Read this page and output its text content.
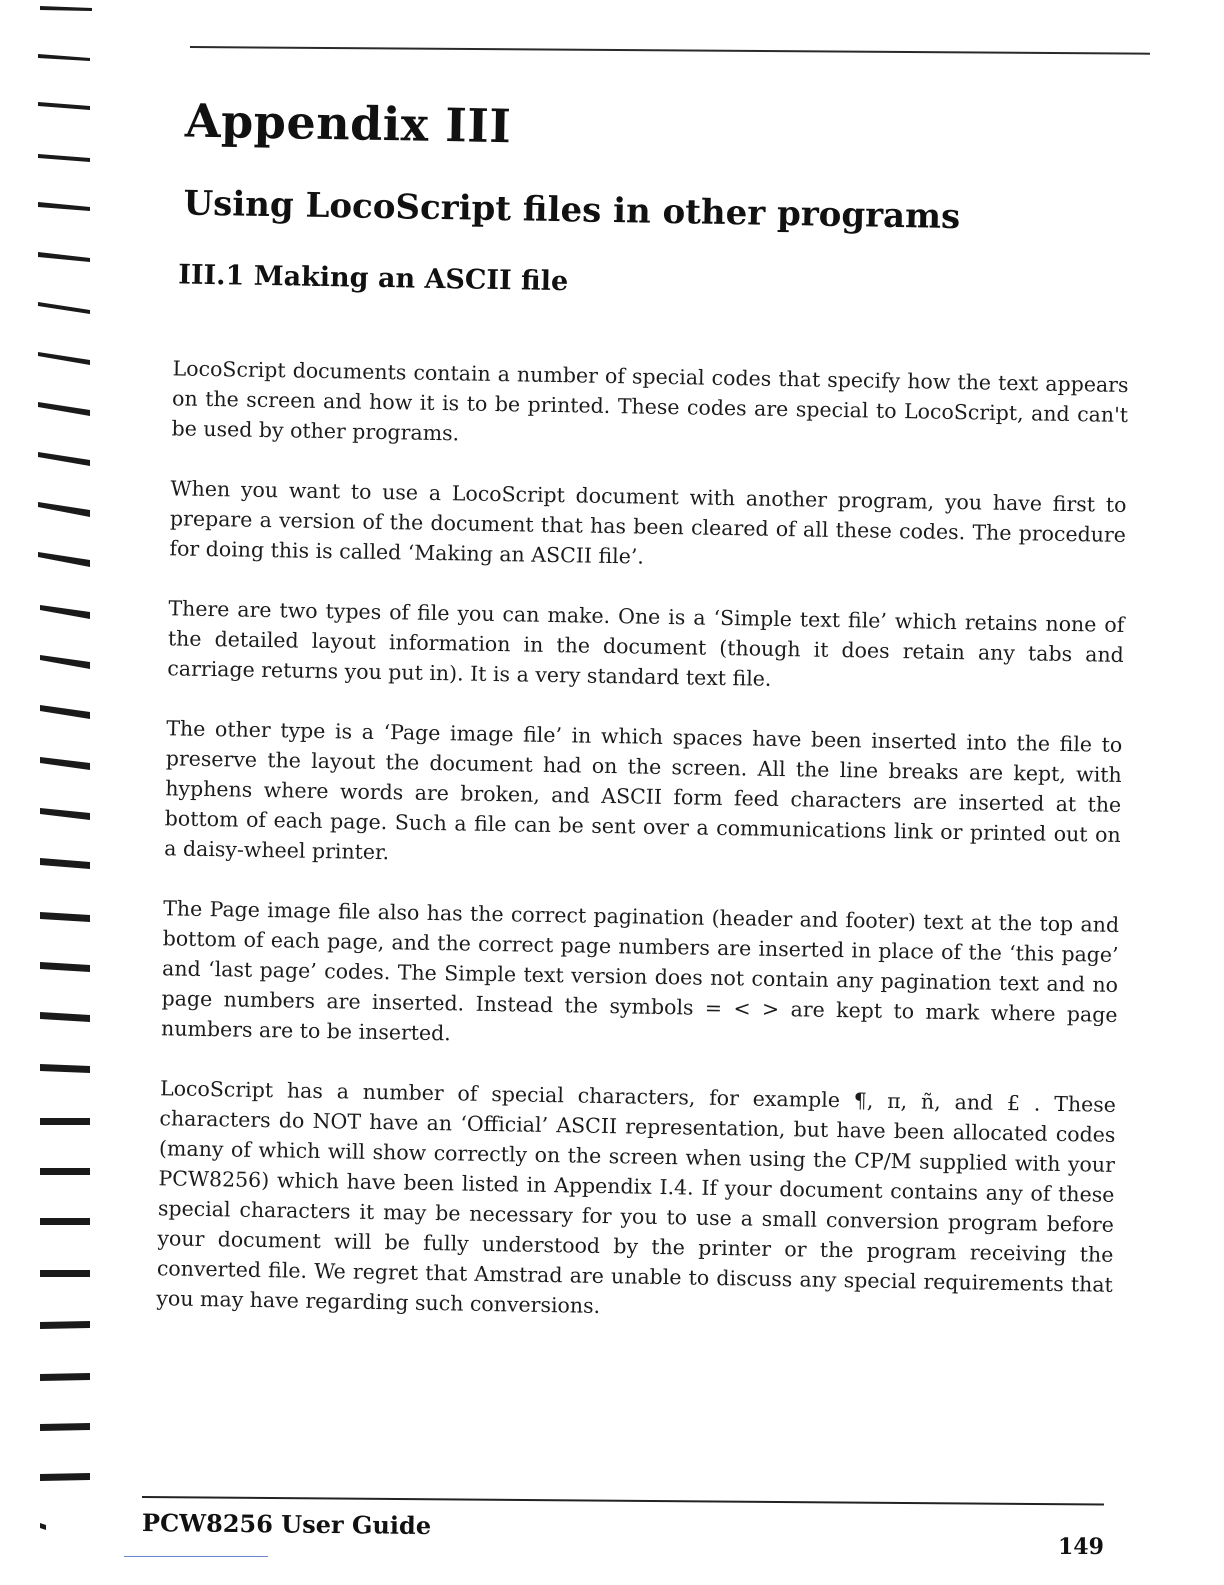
Appendix III
Using LocoScript files in other programs
III.1 Making an ASCII file

LocoScript documents contain a number of special codes that specify how the text appears on the screen and how it is to be printed. These codes are special to LocoScript, and can't be used by other programs.

When you want to use a LocoScript document with another program, you have first to prepare a version of the document that has been cleared of all these codes. The procedure for doing this is called ‘Making an ASCII file’.

There are two types of file you can make. One is a ‘Simple text file’ which retains none of the detailed layout information in the document (though it does retain any tabs and carriage returns you put in). It is a very standard text file.

The other type is a ‘Page image file’ in which spaces have been inserted into the file to preserve the layout the document had on the screen. All the line breaks are kept, with hyphens where words are broken, and ASCII form feed characters are inserted at the bottom of each page. Such a file can be sent over a communications link or printed out on a daisy-wheel printer.

The Page image file also has the correct pagination (header and footer) text at the top and bottom of each page, and the correct page numbers are inserted in place of the ‘this page’ and ‘last page’ codes. The Simple text version does not contain any pagination text and no page numbers are inserted. Instead the symbols = < > are kept to mark where page numbers are to be inserted.

LocoScript has a number of special characters, for example ¶, π, ñ, and £ . These characters do NOT have an ‘Official’ ASCII representation, but have been allocated codes (many of which will show correctly on the screen when using the CP/M supplied with your PCW8256) which have been listed in Appendix I.4. If your document contains any of these special characters it may be necessary for you to use a small conversion program before your document will be fully understood by the printer or the program receiving the converted file. We regret that Amstrad are unable to discuss any special requirements that you may have regarding such conversions.

PCW8256 User Guide
149
